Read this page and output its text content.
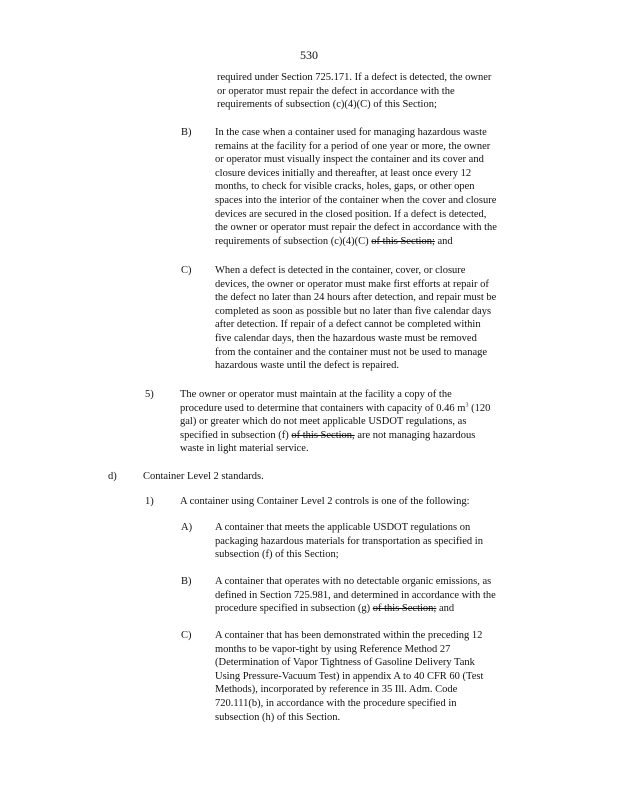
530
required under Section 725.171. If a defect is detected, the owner
or operator must repair the defect in accordance with the
requirements of subsection (c)(4)(C) of this Section;
B) In the case when a container used for managing hazardous waste
remains at the facility for a period of one year or more, the owner
or operator must visually inspect the container and its cover and
closure devices initially and thereafter, at least once every 12
months, to check for visible cracks, holes, gaps, or other open
spaces into the interior of the container when the cover and closure
devices are secured in the closed position. If a defect is detected,
the owner or operator must repair the defect in accordance with the
requirements of subsection (c)(4)(C) of this Section; and
C) When a defect is detected in the container, cover, or closure
devices, the owner or operator must make first efforts at repair of
the defect no later than 24 hours after detection, and repair must be
completed as soon as possible but no later than five calendar days
after detection. If repair of a defect cannot be completed within
five calendar days, then the hazardous waste must be removed
from the container and the container must not be used to manage
hazardous waste until the defect is repaired.
5)	The owner or operator must maintain at the facility a copy of the
procedure used to determine that containers with capacity of 0.46 $m^3$ (120
gal) or greater which do not meet applicable USDOT regulations, as
specified in subsection (f) of this Section, are not managing hazardous
waste in light material service.
d)	Container Level 2 standards.
1)	A container using Container Level 2 controls is one of the following:
A) A container that meets the applicable USDOT regulations on
packaging hazardous materials for transportation as specified in
subsection (f) of this Section;
B) A container that operates with no detectable organic emissions, as
defined in Section 725.981, and determined in accordance with the
procedure specified in subsection (g) of this Section; and
C) A container that has been demonstrated within the preceding 12
months to be vapor-tight by using Reference Method 27
(Determination of Vapor Tightness of Gasoline Delivery Tank
Using Pressure-Vacuum Test) in appendix A to 40 CFR 60 (Test
Methods), incorporated by reference in 35 Ill. Adm. Code
720.111(b), in accordance with the procedure specified in
subsection (h) of this Section.
